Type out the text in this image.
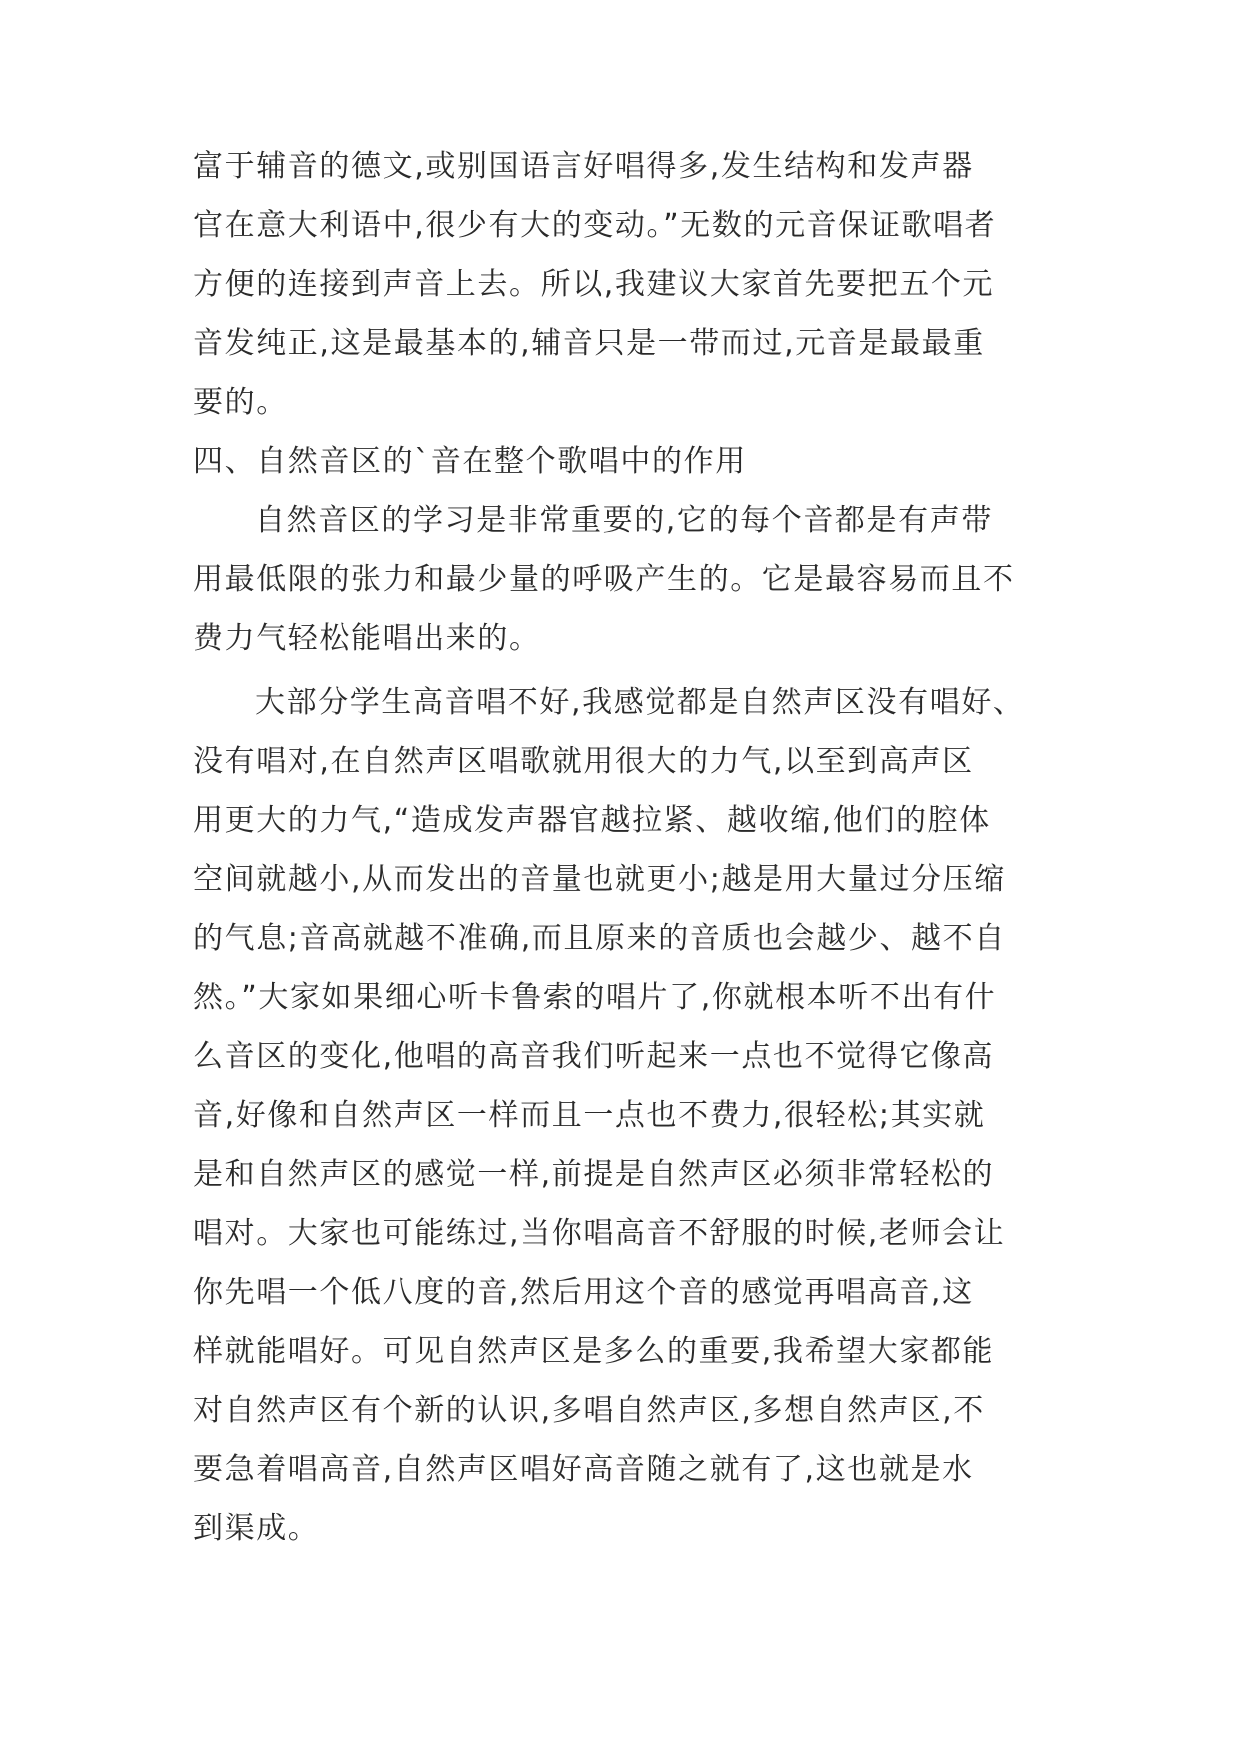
富于辅音的德文,或别国语言好唱得多,发生结构和发声器
官在意大利语中,很少有大的变动。”无数的元音保证歌唱者
方便的连接到声音上去。所以,我建议大家首先要把五个元
音发纯正,这是最基本的,辅音只是一带而过,元音是最最重
要的。
四、自然音区的`音在整个歌唱中的作用
自然音区的学习是非常重要的,它的每个音都是有声带
用最低限的张力和最少量的呼吸产生的。它是最容易而且不
费力气轻松能唱出来的。
大部分学生高音唱不好,我感觉都是自然声区没有唱好、
没有唱对,在自然声区唱歌就用很大的力气,以至到高声区
用更大的力气,“造成发声器官越拉紧、越收缩,他们的腔体
空间就越小,从而发出的音量也就更小;越是用大量过分压缩
的气息;音高就越不准确,而且原来的音质也会越少、越不自
然。”大家如果细心听卡鲁索的唱片了,你就根本听不出有什
么音区的变化,他唱的高音我们听起来一点也不觉得它像高
音,好像和自然声区一样而且一点也不费力,很轻松;其实就
是和自然声区的感觉一样,前提是自然声区必须非常轻松的
唱对。大家也可能练过,当你唱高音不舒服的时候,老师会让
你先唱一个低八度的音,然后用这个音的感觉再唱高音,这
样就能唱好。可见自然声区是多么的重要,我希望大家都能
对自然声区有个新的认识,多唱自然声区,多想自然声区,不
要急着唱高音,自然声区唱好高音随之就有了,这也就是水
到渠成。
